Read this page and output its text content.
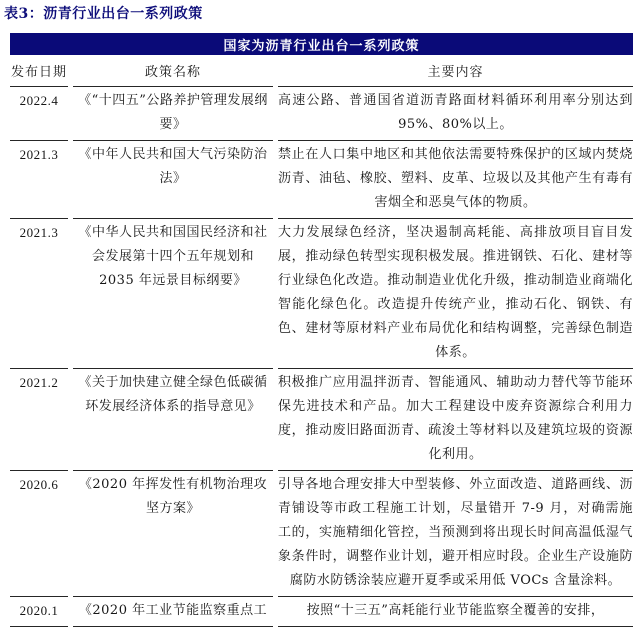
表3：沥青行业出台一系列政策
国家为沥青行业出台一系列政策		
发布日期	政策名称	主要内容
2022.4	《“十四五”公路养护管理发展纲要》	高速公路、普通国省道沥青路面材料循环利用率分别达到 95%、80%以上。
2021.3	《中年人民共和国大气污染防治法》	禁止在人口集中地区和其他依法需要特殊保护的区域内焚烧沥青、油毡、橡胶、塑料、皮革、垃圾以及其他产生有毒有害烟全和恶臭气体的物质。
2021.3	《中华人民共和国国民经济和社会发展第十四个五年规划和 2035 年远景目标纲要》	大力发展绿色经济，坚决遏制高耗能、高排放项目盲目发展，推动绿色转型实现积极发展。推进钢铁、石化、建材等行业绿色化改造。推动制造业优化升级，推动制造业商端化智能化绿色化。改造提升传统产业，推动石化、钢铁、有色、建材等原材料产业布局优化和结构调整，完善绿色制造体系。
2021.2	《关于加快建立健全绿色低碳循环发展经济体系的指导意见》	积极推广应用温拌沥青、智能通风、辅助动力替代等节能环保先进技术和产品。加大工程建设中废弃资源综合利用力度，推动废旧路面沥青、疏浚土等材料以及建筑垃圾的资源化利用。
2020.6	《2020 年挥发性有机物治理攻坚方案》	引导各地合理安排大中型装修、外立面改造、道路画线、沥青铺设等市政工程施工计划，尽量错开 7-9 月，对确需施工的，实施精细化管控，当预测到将出现长时间高温低湿气象条件时，调整作业计划，避开相应时段。企业生产设施防腐防水防锈涂装应避开夏季或采用低 VOCs 含量涂料。
2020.1	《2020 年工业节能监察重点工	按照“十三五”高耗能行业节能监察全覆善的安排，
